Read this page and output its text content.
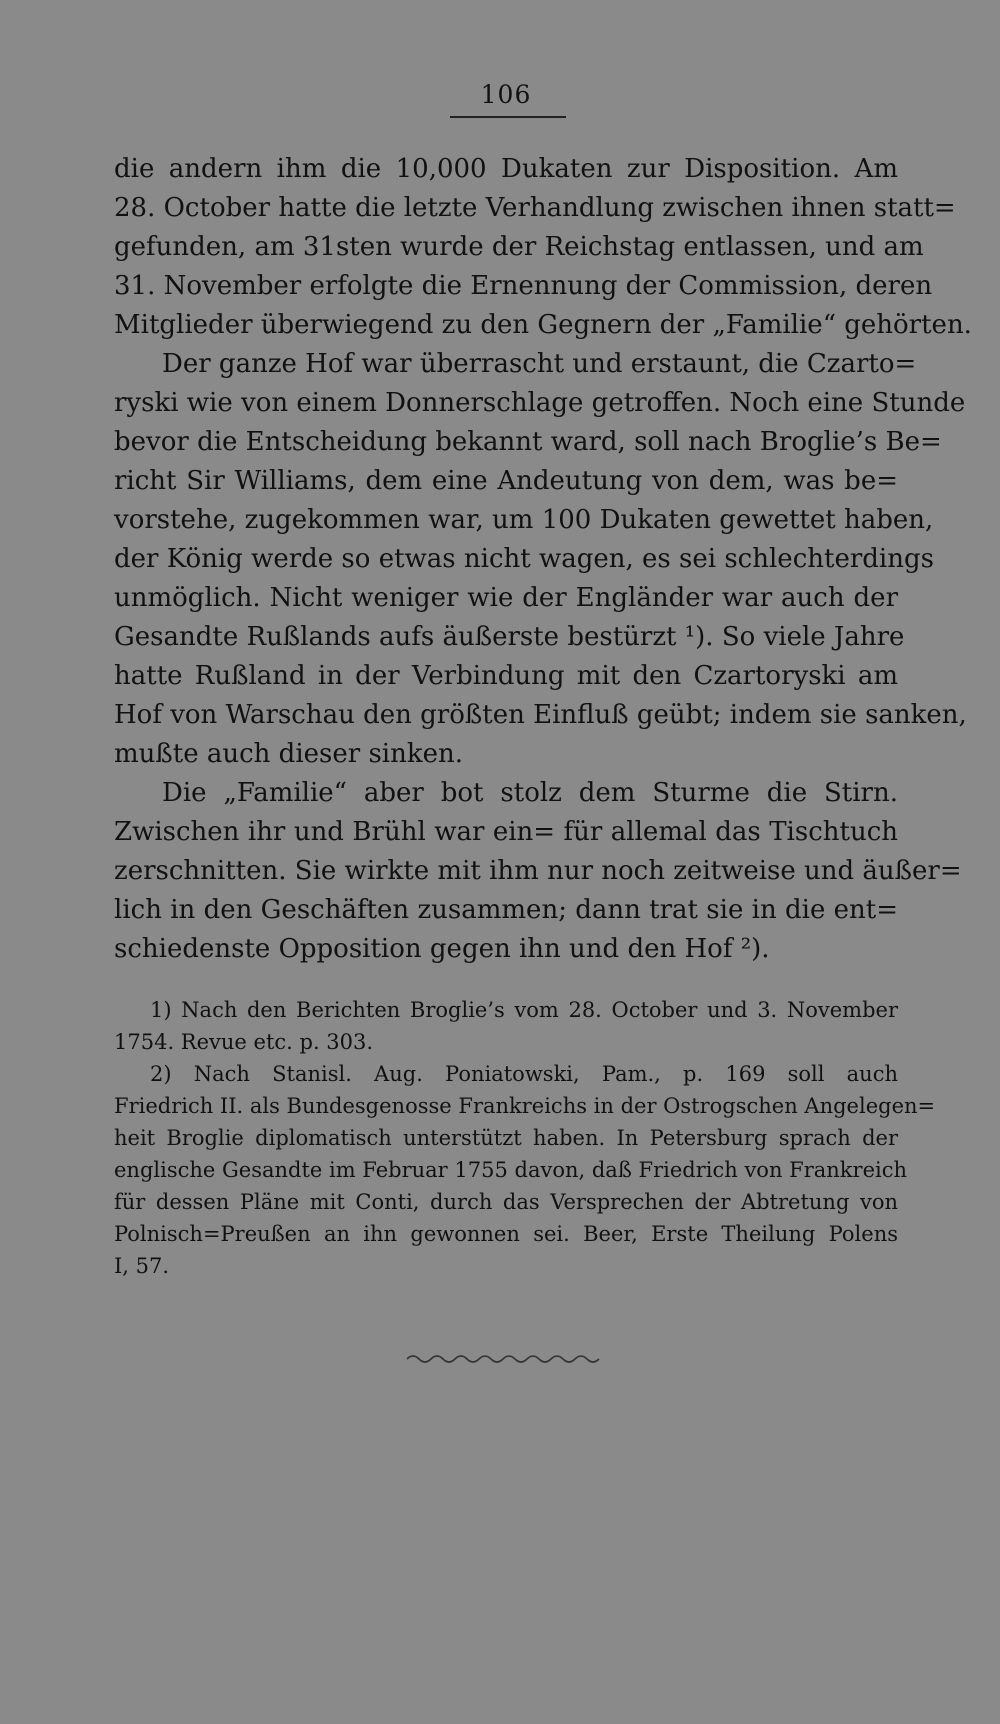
106
die andern ihm die 10,000 Dukaten zur Disposition. Am
28. October hatte die letzte Verhandlung zwischen ihnen statt=
gefunden, am 31sten wurde der Reichstag entlassen, und am
31. November erfolgte die Ernennung der Commission, deren
Mitglieder überwiegend zu den Gegnern der „Familie“ gehörten.
Der ganze Hof war überrascht und erstaunt, die Czarto=
ryski wie von einem Donnerschlage getroffen. Noch eine Stunde
bevor die Entscheidung bekannt ward, soll nach Broglie’s Be=
richt Sir Williams, dem eine Andeutung von dem, was be=
vorstehe, zugekommen war, um 100 Dukaten gewettet haben,
der König werde so etwas nicht wagen, es sei schlechterdings
unmöglich. Nicht weniger wie der Engländer war auch der
Gesandte Rußlands aufs äußerste bestürzt ¹). So viele Jahre
hatte Rußland in der Verbindung mit den Czartoryski am
Hof von Warschau den größten Einfluß geübt; indem sie sanken,
mußte auch dieser sinken.
Die „Familie“ aber bot stolz dem Sturme die Stirn.
Zwischen ihr und Brühl war ein= für allemal das Tischtuch
zerschnitten. Sie wirkte mit ihm nur noch zeitweise und äußer=
lich in den Geschäften zusammen; dann trat sie in die ent=
schiedenste Opposition gegen ihn und den Hof ²).
1) Nach den Berichten Broglie’s vom 28. October und 3. November
1754. Revue etc. p. 303.
2) Nach Stanisl. Aug. Poniatowski, Pam., p. 169 soll auch
Friedrich II. als Bundesgenosse Frankreichs in der Ostrogschen Angelegen=
heit Broglie diplomatisch unterstützt haben. In Petersburg sprach der
englische Gesandte im Februar 1755 davon, daß Friedrich von Frankreich
für dessen Pläne mit Conti, durch das Versprechen der Abtretung von
Polnisch=Preußen an ihn gewonnen sei. Beer, Erste Theilung Polens
I, 57.
